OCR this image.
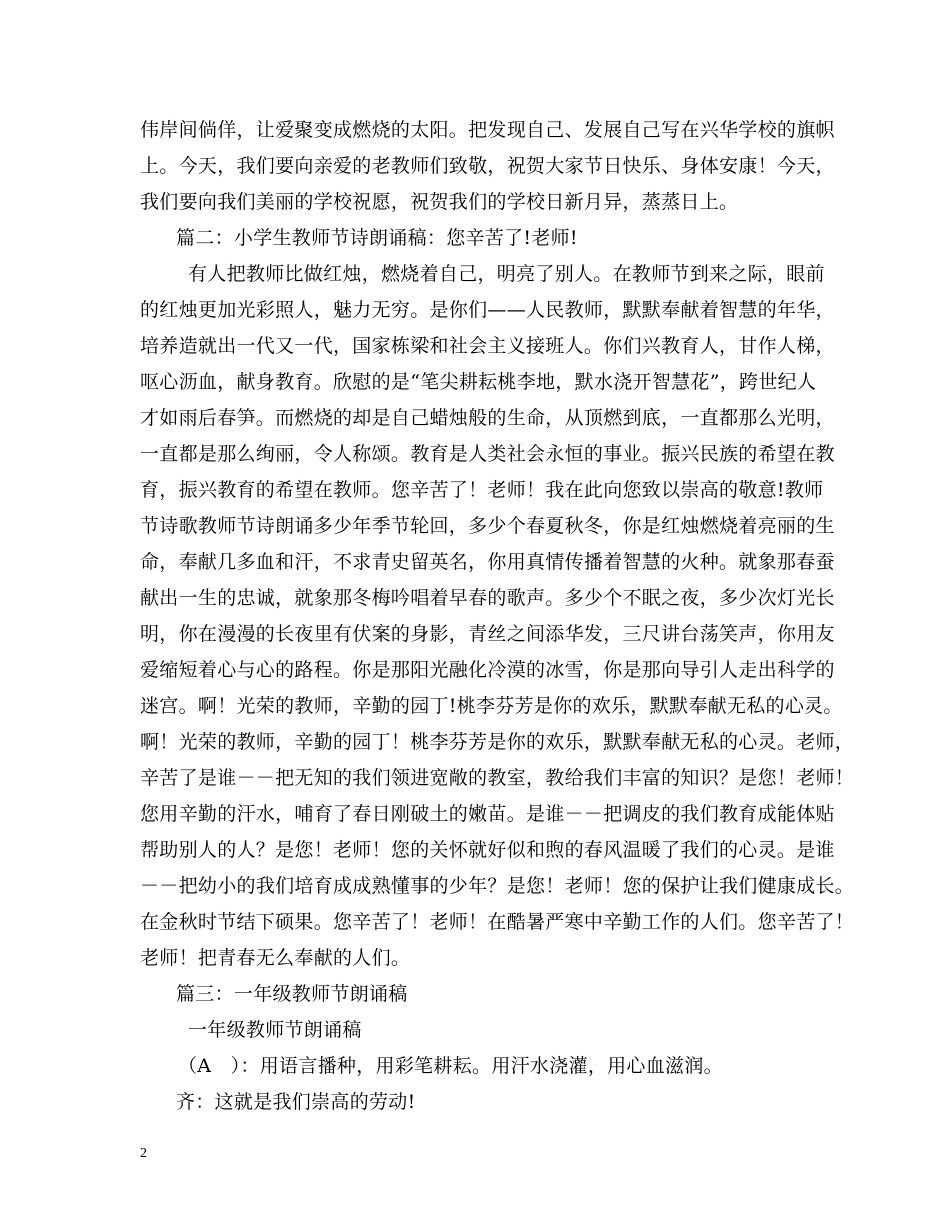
伟岸间倘佯，让爱聚变成燃烧的太阳。把发现自己、发展自己写在兴华学校的旗帜
上。今天，我们要向亲爱的老教师们致敬，祝贺大家节日快乐、身体安康！今天，
我们要向我们美丽的学校祝愿，祝贺我们的学校日新月异，蒸蒸日上。
篇二：小学生教师节诗朗诵稿：您辛苦了!老师!
有人把教师比做红烛，燃烧着自己，明亮了别人。在教师节到来之际，眼前
的红烛更加光彩照人，魅力无穷。是你们——人民教师，默默奉献着智慧的年华，
培养造就出一代又一代，国家栋梁和社会主义接班人。你们兴教育人，甘作人梯，
呕心沥血，献身教育。欣慰的是“笔尖耕耘桃李地，默水浇开智慧花”，跨世纪人
才如雨后春笋。而燃烧的却是自己蜡烛般的生命，从顶燃到底，一直都那么光明，
一直都是那么绚丽，令人称颂。教育是人类社会永恒的事业。振兴民族的希望在教
育，振兴教育的希望在教师。您辛苦了！老师！我在此向您致以崇高的敬意!教师
节诗歌教师节诗朗诵多少年季节轮回，多少个春夏秋冬，你是红烛燃烧着亮丽的生
命，奉献几多血和汗，不求青史留英名，你用真情传播着智慧的火种。就象那春蚕
献出一生的忠诚，就象那冬梅吟唱着早春的歌声。多少个不眠之夜，多少次灯光长
明，你在漫漫的长夜里有伏案的身影，青丝之间添华发，三尺讲台荡笑声，你用友
爱缩短着心与心的路程。你是那阳光融化冷漠的冰雪，你是那向导引人走出科学的
迷宫。啊！光荣的教师，辛勤的园丁!桃李芬芳是你的欢乐，默默奉献无私的心灵。
啊！光荣的教师，辛勤的园丁！桃李芬芳是你的欢乐，默默奉献无私的心灵。老师，
辛苦了是谁－－把无知的我们领进宽敞的教室，教给我们丰富的知识？是您！老师！
您用辛勤的汗水，哺育了春日刚破土的嫩苗。是谁－－把调皮的我们教育成能体贴
帮助别人的人？是您！老师！您的关怀就好似和煦的春风温暖了我们的心灵。是谁
－－把幼小的我们培育成成熟懂事的少年？是您！老师！您的保护让我们健康成长。
在金秋时节结下硕果。您辛苦了！老师！在酷暑严寒中辛勤工作的人们。您辛苦了！
老师！把青春无么奉献的人们。
篇三：一年级教师节朗诵稿
一年级教师节朗诵稿
（A　）：用语言播种，用彩笔耕耘。用汗水浇灌，用心血滋润。
齐：这就是我们崇高的劳动!
2
